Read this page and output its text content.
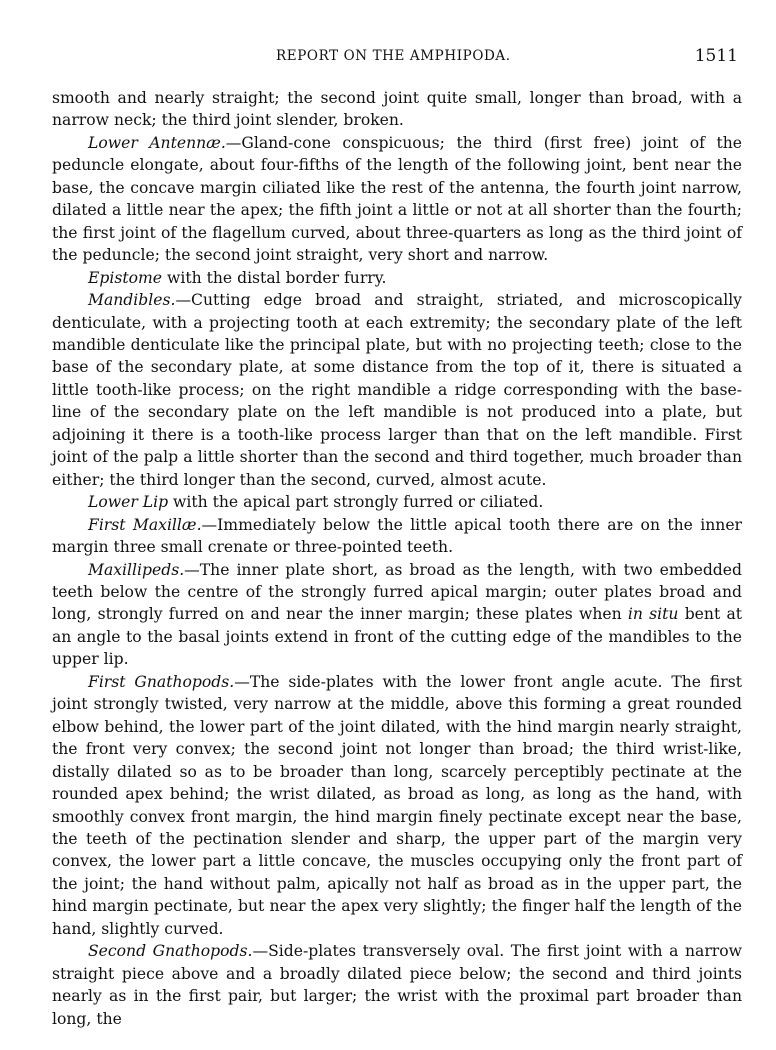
REPORT ON THE AMPHIPODA.	1511

smooth and nearly straight; the second joint quite small, longer than broad, with a narrow neck; the third joint slender, broken.

Lower Antennæ.—Gland-cone conspicuous; the third (first free) joint of the peduncle elongate, about four-fifths of the length of the following joint, bent near the base, the concave margin ciliated like the rest of the antenna, the fourth joint narrow, dilated a little near the apex; the fifth joint a little or not at all shorter than the fourth; the first joint of the flagellum curved, about three-quarters as long as the third joint of the peduncle; the second joint straight, very short and narrow.

Epistome with the distal border furry.

Mandibles.—Cutting edge broad and straight, striated, and microscopically denticulate, with a projecting tooth at each extremity; the secondary plate of the left mandible denticulate like the principal plate, but with no projecting teeth; close to the base of the secondary plate, at some distance from the top of it, there is situated a little tooth-like process; on the right mandible a ridge corresponding with the base-line of the secondary plate on the left mandible is not produced into a plate, but adjoining it there is a tooth-like process larger than that on the left mandible. First joint of the palp a little shorter than the second and third together, much broader than either; the third longer than the second, curved, almost acute.

Lower Lip with the apical part strongly furred or ciliated.

First Maxillæ.—Immediately below the little apical tooth there are on the inner margin three small crenate or three-pointed teeth.

Maxillipeds.—The inner plate short, as broad as the length, with two embedded teeth below the centre of the strongly furred apical margin; outer plates broad and long, strongly furred on and near the inner margin; these plates when in situ bent at an angle to the basal joints extend in front of the cutting edge of the mandibles to the upper lip.

First Gnathopods.—The side-plates with the lower front angle acute. The first joint strongly twisted, very narrow at the middle, above this forming a great rounded elbow behind, the lower part of the joint dilated, with the hind margin nearly straight, the front very convex; the second joint not longer than broad; the third wrist-like, distally dilated so as to be broader than long, scarcely perceptibly pectinate at the rounded apex behind; the wrist dilated, as broad as long, as long as the hand, with smoothly convex front margin, the hind margin finely pectinate except near the base, the teeth of the pectination slender and sharp, the upper part of the margin very convex, the lower part a little concave, the muscles occupying only the front part of the joint; the hand without palm, apically not half as broad as in the upper part, the hind margin pectinate, but near the apex very slightly; the finger half the length of the hand, slightly curved.

Second Gnathopods.—Side-plates transversely oval. The first joint with a narrow straight piece above and a broadly dilated piece below; the second and third joints nearly as in the first pair, but larger; the wrist with the proximal part broader than long, the
